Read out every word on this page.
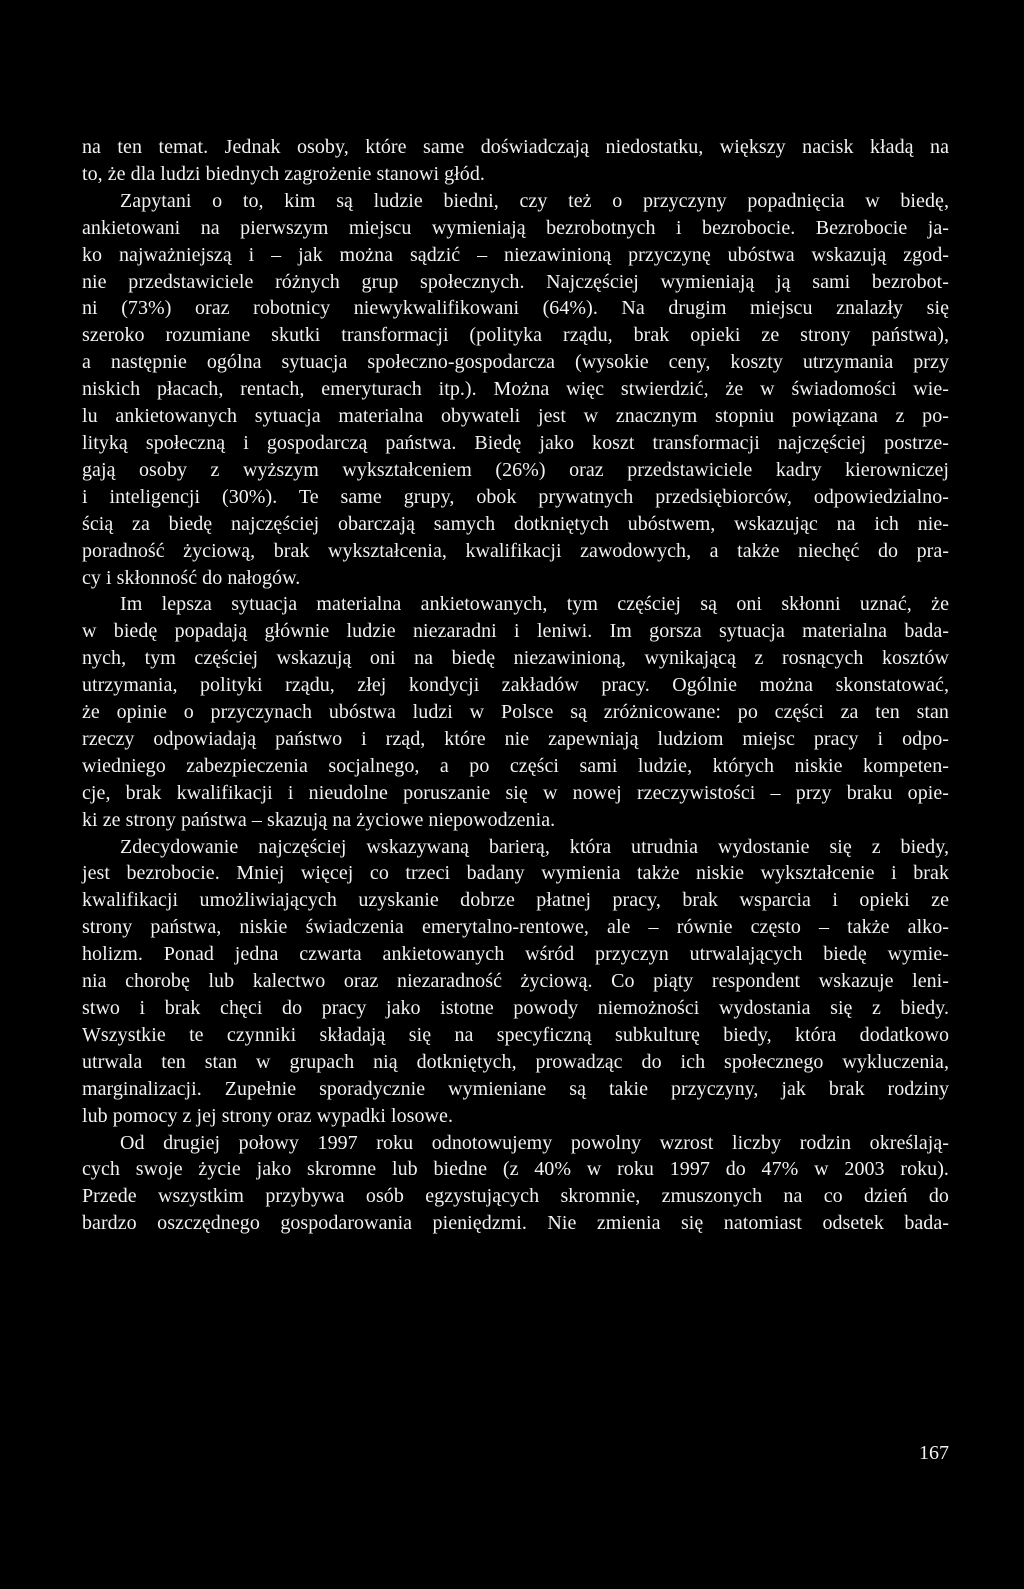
na ten temat. Jednak osoby, które same doświadczają niedostatku, większy nacisk kładą na
to, że dla ludzi biednych zagrożenie stanowi głód.
Zapytani o to, kim są ludzie biedni, czy też o przyczyny popadnięcia w biedę,
ankietowani na pierwszym miejscu wymieniają bezrobotnych i bezrobocie. Bezrobocie ja-
ko najważniejszą i – jak można sądzić – niezawinioną przyczynę ubóstwa wskazują zgod-
nie przedstawiciele różnych grup społecznych. Najczęściej wymieniają ją sami bezrobot-
ni (73%) oraz robotnicy niewykwalifikowani (64%). Na drugim miejscu znalazły się
szeroko rozumiane skutki transformacji (polityka rządu, brak opieki ze strony państwa),
a następnie ogólna sytuacja społeczno-gospodarcza (wysokie ceny, koszty utrzymania przy
niskich płacach, rentach, emeryturach itp.). Można więc stwierdzić, że w świadomości wie-
lu ankietowanych sytuacja materialna obywateli jest w znacznym stopniu powiązana z po-
lityką społeczną i gospodarczą państwa. Biedę jako koszt transformacji najczęściej postrze-
gają osoby z wyższym wykształceniem (26%) oraz przedstawiciele kadry kierowniczej
i inteligencji (30%). Te same grupy, obok prywatnych przedsiębiorców, odpowiedzialno-
ścią za biedę najczęściej obarczają samych dotkniętych ubóstwem, wskazując na ich nie-
poradność życiową, brak wykształcenia, kwalifikacji zawodowych, a także niechęć do pra-
cy i skłonność do nałogów.
Im lepsza sytuacja materialna ankietowanych, tym częściej są oni skłonni uznać, że
w biedę popadają głównie ludzie niezaradni i leniwi. Im gorsza sytuacja materialna bada-
nych, tym częściej wskazują oni na biedę niezawinioną, wynikającą z rosnących kosztów
utrzymania, polityki rządu, złej kondycji zakładów pracy. Ogólnie można skonstatować,
że opinie o przyczynach ubóstwa ludzi w Polsce są zróżnicowane: po części za ten stan
rzeczy odpowiadają państwo i rząd, które nie zapewniają ludziom miejsc pracy i odpo-
wiedniego zabezpieczenia socjalnego, a po części sami ludzie, których niskie kompeten-
cje, brak kwalifikacji i nieudolne poruszanie się w nowej rzeczywistości – przy braku opie-
ki ze strony państwa – skazują na życiowe niepowodzenia.
Zdecydowanie najczęściej wskazywaną barierą, która utrudnia wydostanie się z biedy,
jest bezrobocie. Mniej więcej co trzeci badany wymienia także niskie wykształcenie i brak
kwalifikacji umożliwiających uzyskanie dobrze płatnej pracy, brak wsparcia i opieki ze
strony państwa, niskie świadczenia emerytalno-rentowe, ale – równie często – także alko-
holizm. Ponad jedna czwarta ankietowanych wśród przyczyn utrwalających biedę wymie-
nia chorobę lub kalectwo oraz niezaradność życiową. Co piąty respondent wskazuje leni-
stwo i brak chęci do pracy jako istotne powody niemożności wydostania się z biedy.
Wszystkie te czynniki składają się na specyficzną subkulturę biedy, która dodatkowo
utrwala ten stan w grupach nią dotkniętych, prowadząc do ich społecznego wykluczenia,
marginalizacji. Zupełnie sporadycznie wymieniane są takie przyczyny, jak brak rodziny
lub pomocy z jej strony oraz wypadki losowe.
Od drugiej połowy 1997 roku odnotowujemy powolny wzrost liczby rodzin określają-
cych swoje życie jako skromne lub biedne (z 40% w roku 1997 do 47% w 2003 roku).
Przede wszystkim przybywa osób egzystujących skromnie, zmuszonych na co dzień do
bardzo oszczędnego gospodarowania pieniędzmi. Nie zmienia się natomiast odsetek bada-
167
